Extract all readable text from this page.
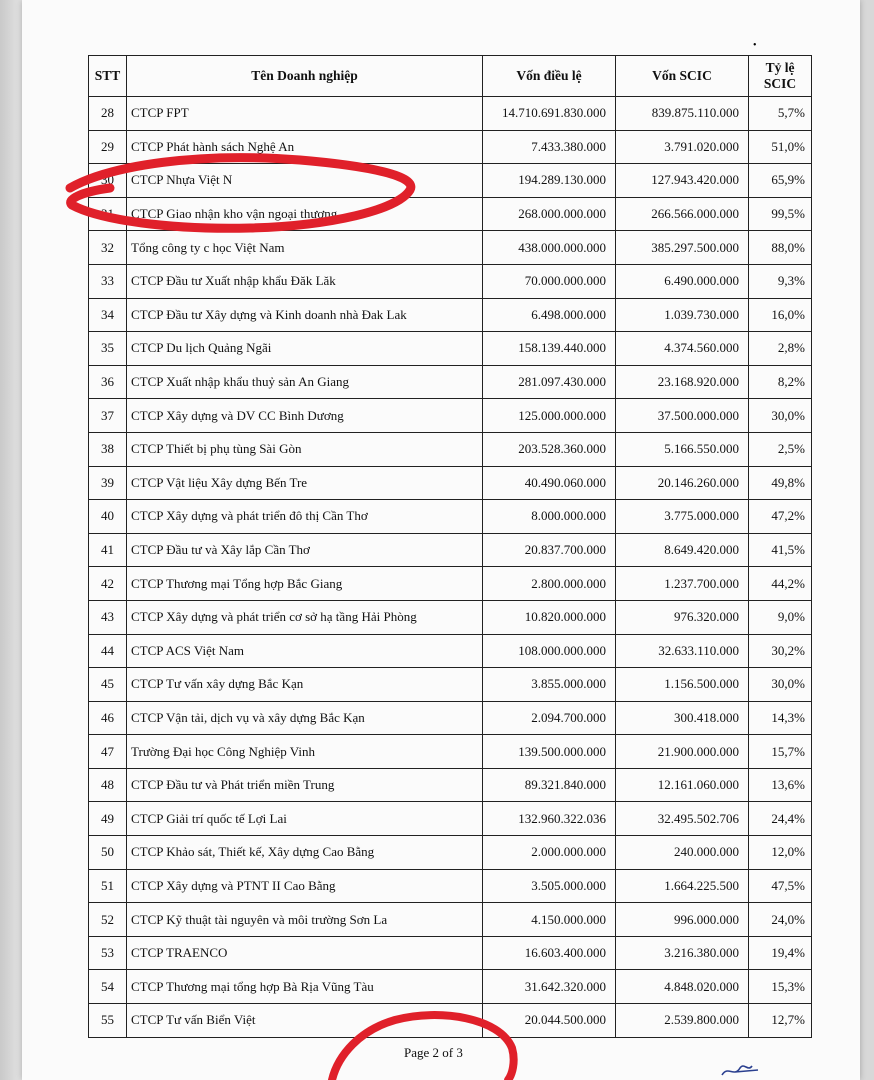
•
STT	Tên Doanh nghiệp	Vốn điều lệ	Vốn SCIC	Tỷ lệ
SCIC
28	CTCP FPT	14.710.691.830.000	839.875.110.000	5,7%
29	CTCP Phát hành sách Nghệ An	7.433.380.000	3.791.020.000	51,0%
30	CTCP Nhựa Việt N	194.289.130.000	127.943.420.000	65,9%
31	CTCP Giao nhận kho vận ngoại thương	268.000.000.000	266.566.000.000	99,5%
32	Tổng công ty c học Việt Nam	438.000.000.000	385.297.500.000	88,0%
33	CTCP Đầu tư Xuất nhập khẩu Đăk Lăk	70.000.000.000	6.490.000.000	9,3%
34	CTCP Đầu tư Xây dựng và Kinh doanh nhà Đak Lak	6.498.000.000	1.039.730.000	16,0%
35	CTCP Du lịch Quảng Ngãi	158.139.440.000	4.374.560.000	2,8%
36	CTCP Xuất nhập khẩu thuỷ sản An Giang	281.097.430.000	23.168.920.000	8,2%
37	CTCP Xây dựng và DV CC Bình Dương	125.000.000.000	37.500.000.000	30,0%
38	CTCP Thiết bị phụ tùng Sài Gòn	203.528.360.000	5.166.550.000	2,5%
39	CTCP Vật liệu Xây dựng Bến Tre	40.490.060.000	20.146.260.000	49,8%
40	CTCP Xây dựng và phát triển đô thị Cần Thơ	8.000.000.000	3.775.000.000	47,2%
41	CTCP Đầu tư và Xây lắp Cần Thơ	20.837.700.000	8.649.420.000	41,5%
42	CTCP Thương mại Tổng hợp Bắc Giang	2.800.000.000	1.237.700.000	44,2%
43	CTCP Xây dựng và phát triển cơ sở hạ tầng Hải Phòng	10.820.000.000	976.320.000	9,0%
44	CTCP ACS Việt Nam	108.000.000.000	32.633.110.000	30,2%
45	CTCP Tư vấn xây dựng Bắc Kạn	3.855.000.000	1.156.500.000	30,0%
46	CTCP Vận tải, dịch vụ và xây dựng Bắc Kạn	2.094.700.000	300.418.000	14,3%
47	Trường Đại học Công Nghiệp Vinh	139.500.000.000	21.900.000.000	15,7%
48	CTCP Đầu tư và Phát triển miền Trung	89.321.840.000	12.161.060.000	13,6%
49	CTCP Giải trí quốc tế Lợi Lai	132.960.322.036	32.495.502.706	24,4%
50	CTCP Khảo sát, Thiết kế, Xây dựng Cao Bằng	2.000.000.000	240.000.000	12,0%
51	CTCP Xây dựng và PTNT II Cao Bằng	3.505.000.000	1.664.225.500	47,5%
52	CTCP Kỹ thuật tài nguyên và môi trường Sơn La	4.150.000.000	996.000.000	24,0%
53	CTCP TRAENCO	16.603.400.000	3.216.380.000	19,4%
54	CTCP Thương mại tổng hợp Bà Rịa Vũng Tàu	31.642.320.000	4.848.020.000	15,3%
55	CTCP Tư vấn Biển Việt	20.044.500.000	2.539.800.000	12,7%
Page 2 of 3
